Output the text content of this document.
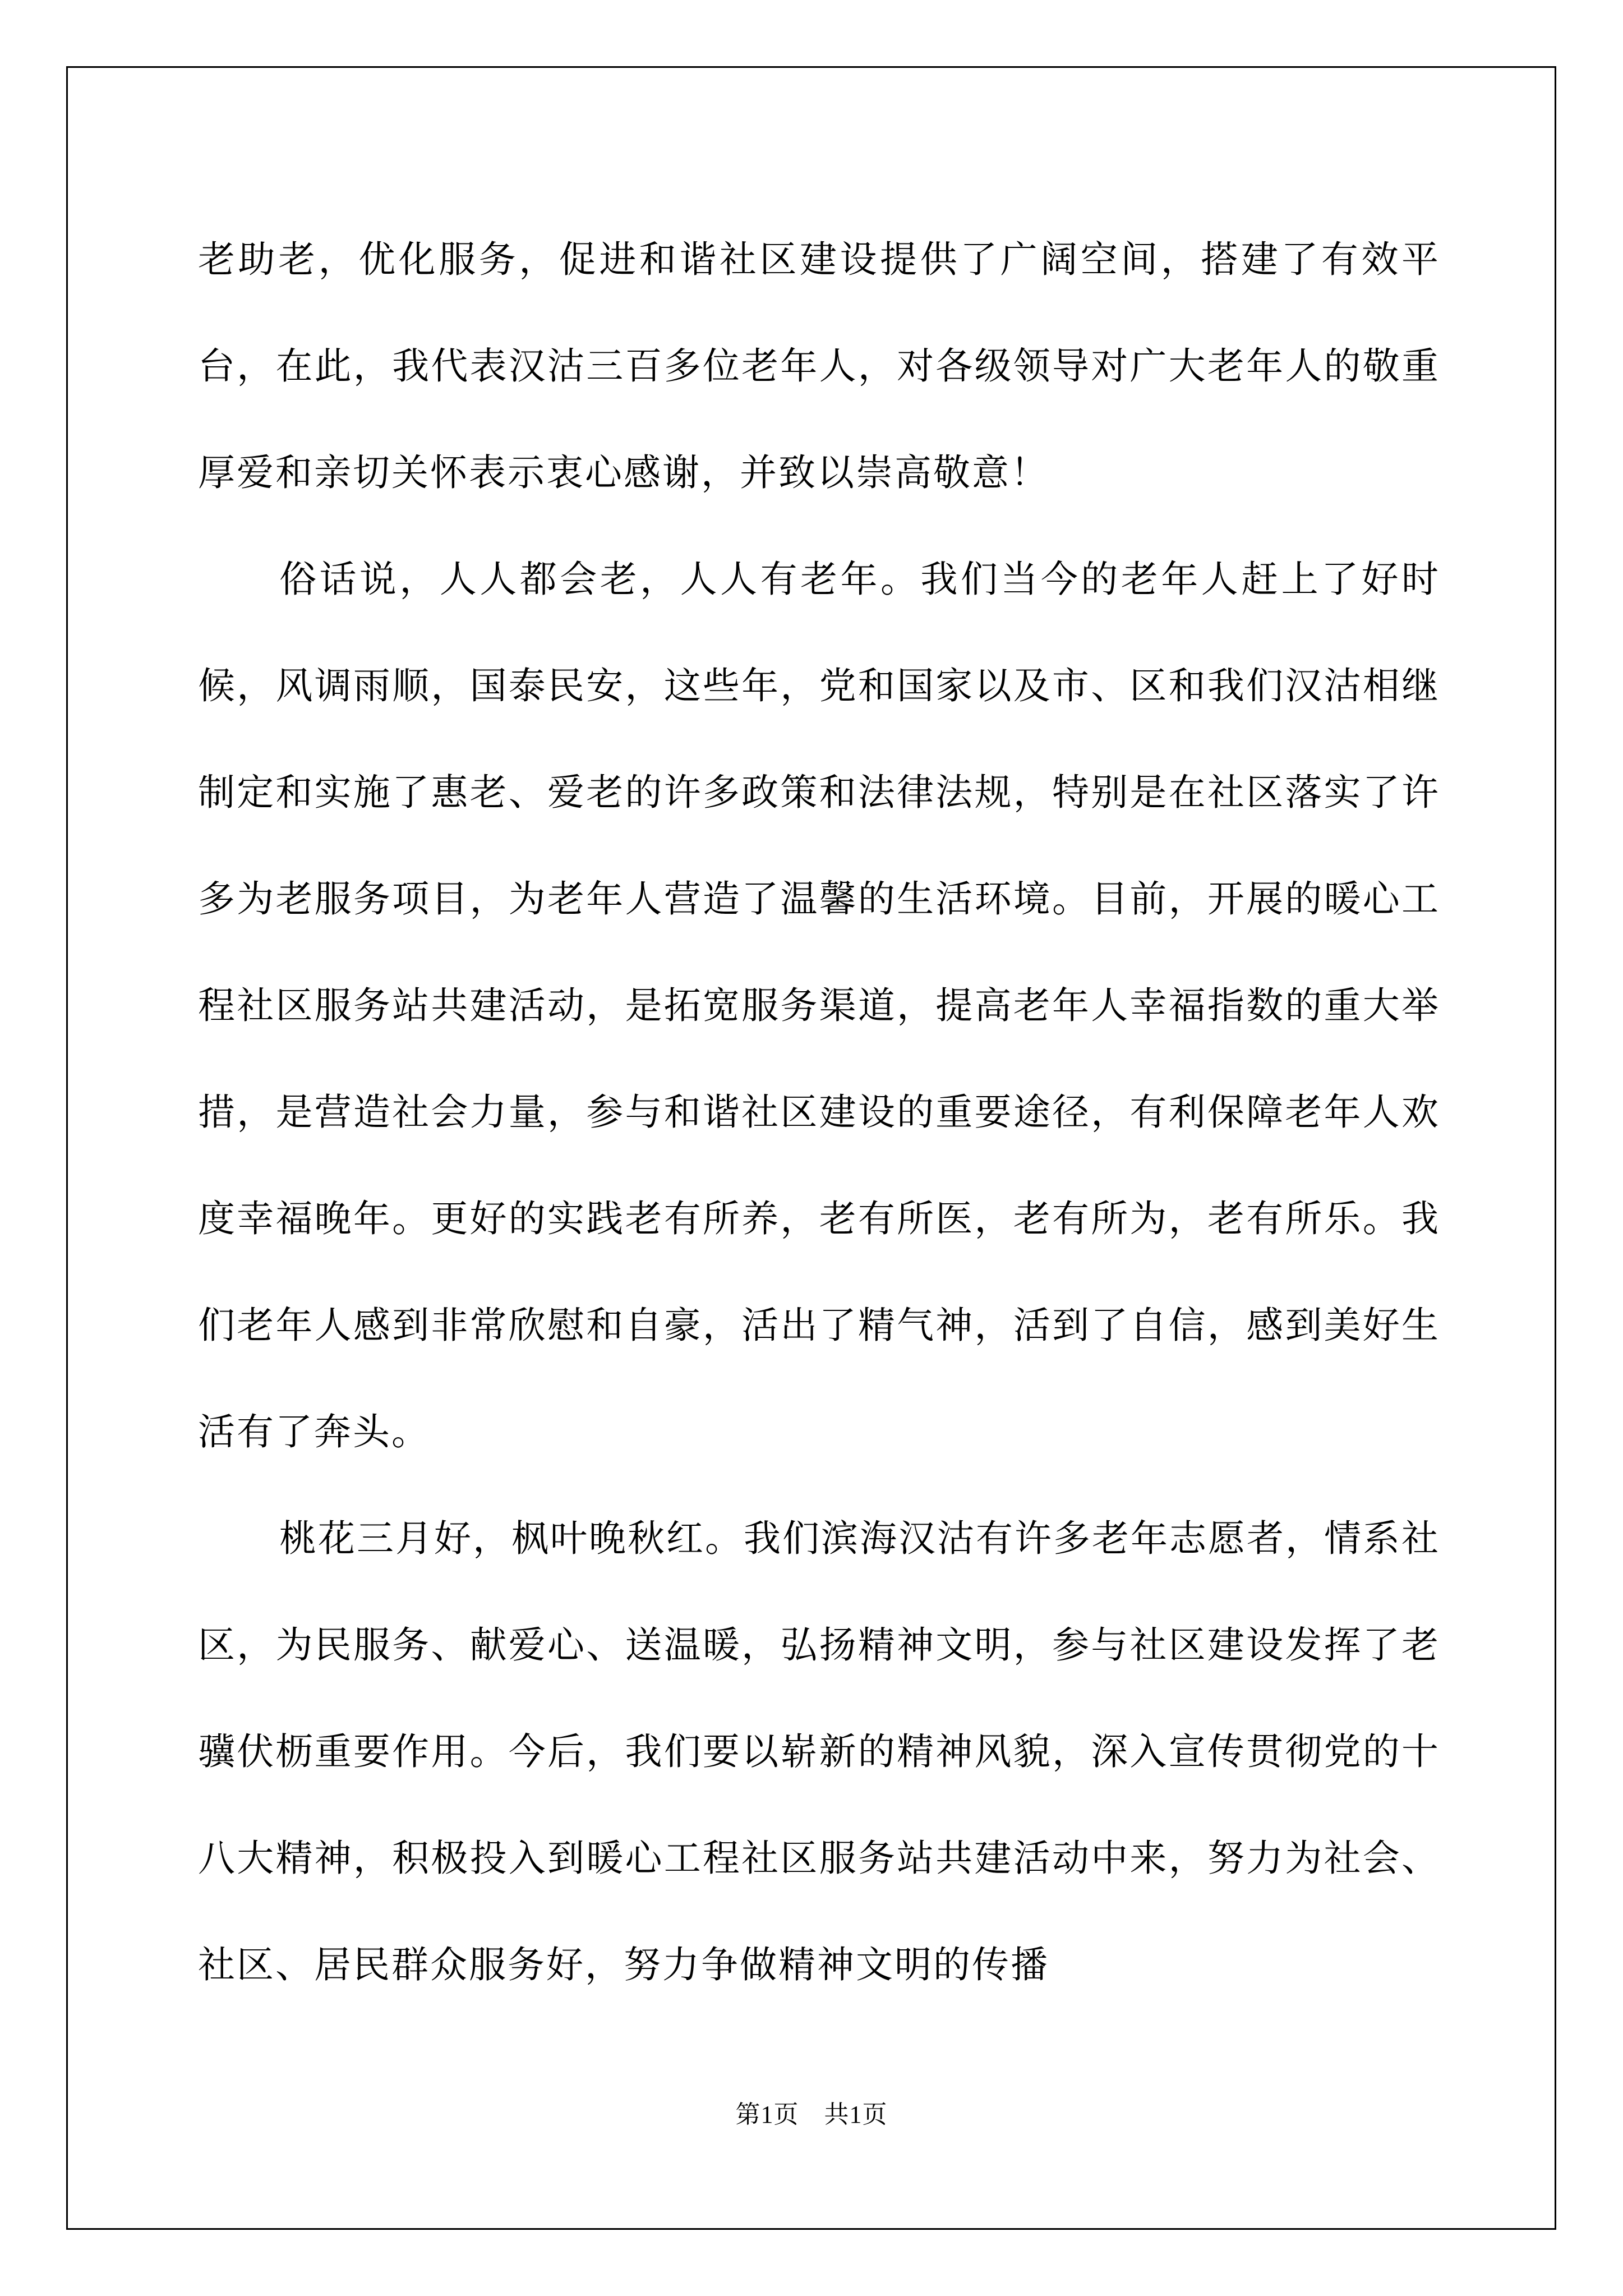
老助老，优化服务，促进和谐社区建设提供了广阔空间，搭建了有效平台，在此，我代表汉沽三百多位老年人，对各级领导对广大老年人的敬重厚爱和亲切关怀表示衷心感谢，并致以崇高敬意！

俗话说，人人都会老，人人有老年。我们当今的老年人赶上了好时候，风调雨顺，国泰民安，这些年，党和国家以及市、区和我们汉沽相继制定和实施了惠老、爱老的许多政策和法律法规，特别是在社区落实了许多为老服务项目，为老年人营造了温馨的生活环境。目前，开展的暖心工程社区服务站共建活动，是拓宽服务渠道，提高老年人幸福指数的重大举措，是营造社会力量，参与和谐社区建设的重要途径，有利保障老年人欢度幸福晚年。更好的实践老有所养，老有所医，老有所为，老有所乐。我们老年人感到非常欣慰和自豪，活出了精气神，活到了自信，感到美好生活有了奔头。

桃花三月好，枫叶晚秋红。我们滨海汉沽有许多老年志愿者，情系社区，为民服务、献爱心、送温暖，弘扬精神文明，参与社区建设发挥了老骥伏枥重要作用。今后，我们要以崭新的精神风貌，深入宣传贯彻党的十八大精神，积极投入到暖心工程社区服务站共建活动中来，努力为社会、社区、居民群众服务好，努力争做精神文明的传播

第1页 共1页
